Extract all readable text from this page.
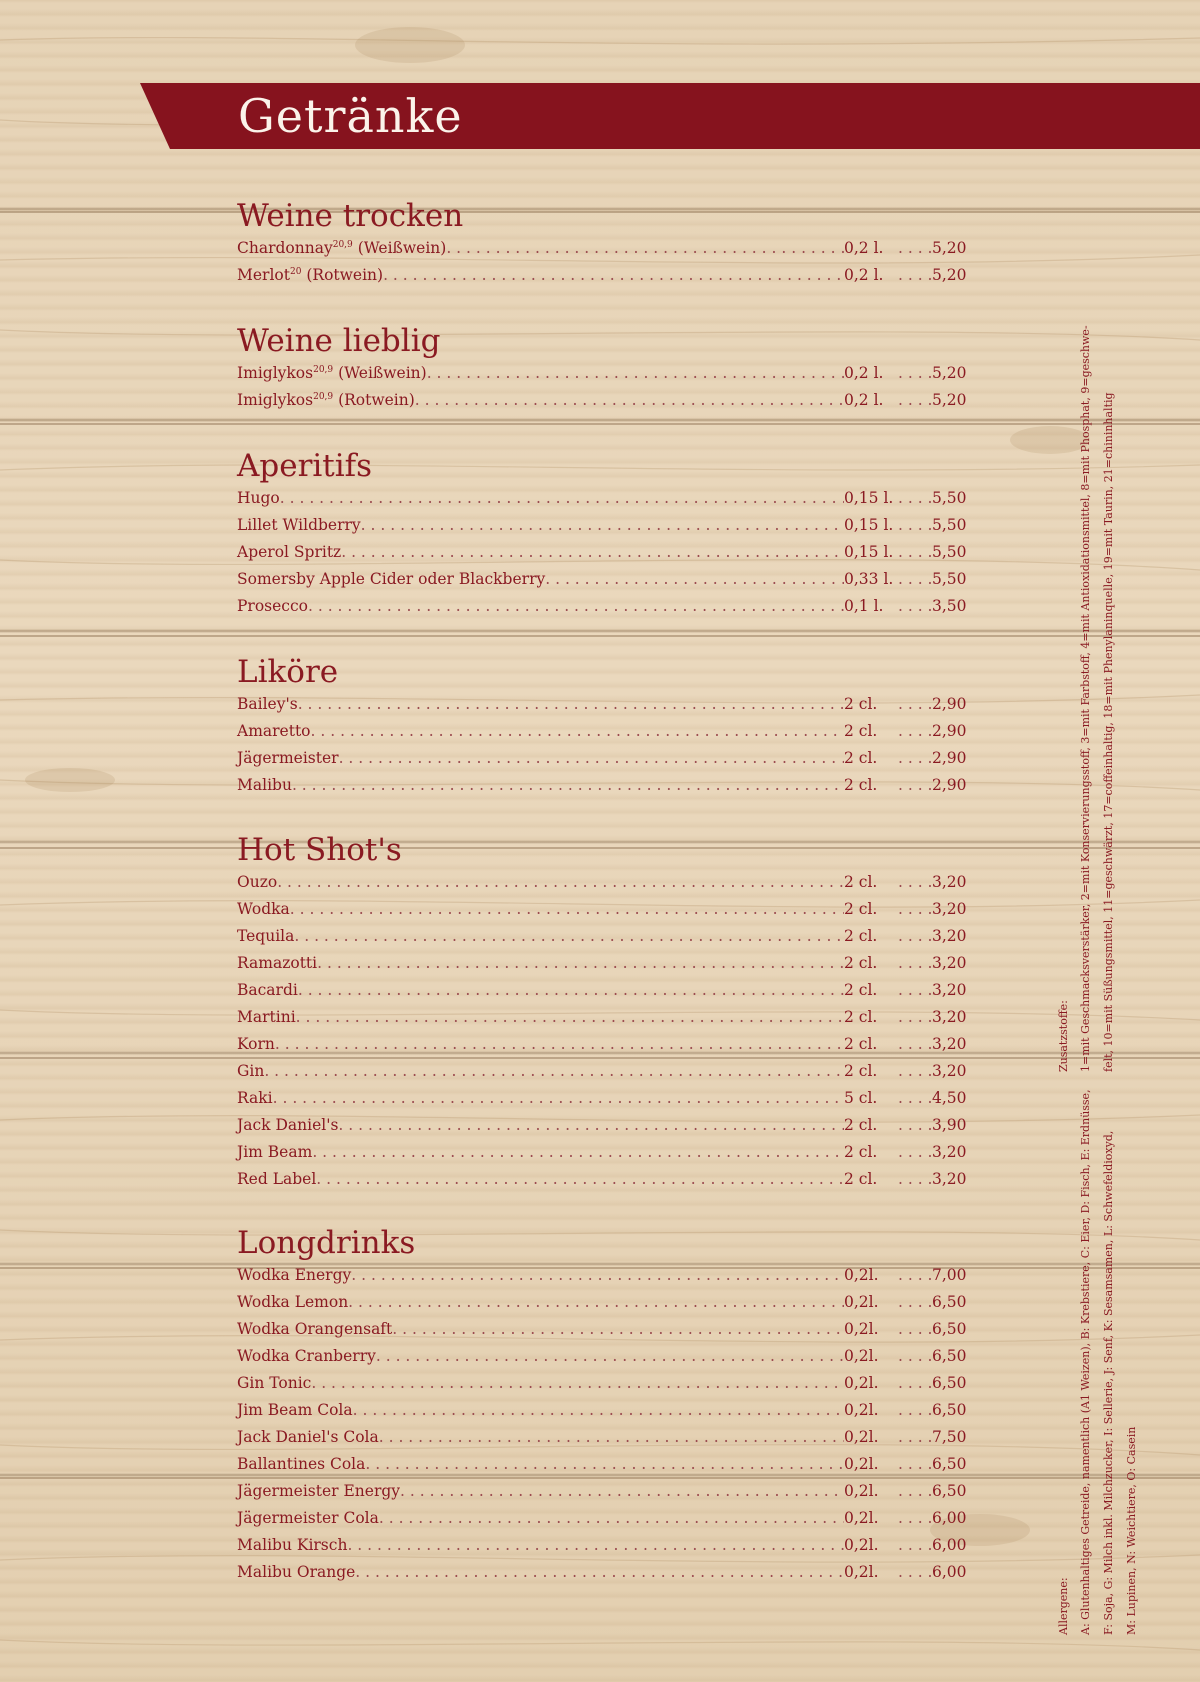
Getränke
Weine trocken
Chardonnay$^{20,9}$ (Weißwein) . . .	0,2 l. . . .	5,20
Merlot$^{20}$ (Rotwein) . . .	0,2 l. . . .	5,20
Weine lieblig
Imiglykos$^{20,9}$ (Weißwein) . . .	0,2 l. . . .	5,20
Imiglykos$^{20,9}$ (Rotwein) . . .	0,2 l. . . .	5,20
Aperitifs
Hugo . . .	0,15 l. . . .	5,50
Lillet Wildberry . . .	0,15 l. . . .	5,50
Aperol Spritz . . .	0,15 l. . . .	5,50
Somersby Apple Cider oder Blackberry . . .	0,33 l. . . .	5,50
Prosecco . . .	0,1 l. . . .	3,50
Liköre
Bailey's . . .	2 cl. . . .	2,90
Amaretto . . .	2 cl. . . .	2,90
Jägermeister . . .	2 cl. . . .	2,90
Malibu . . .	2 cl. . . .	2,90
Hot Shot's
Ouzo . . .	2 cl. . . .	3,20
Wodka . . .	2 cl. . . .	3,20
Tequila . . .	2 cl. . . .	3,20
Ramazotti . . .	2 cl. . . .	3,20
Bacardi . . .	2 cl. . . .	3,20
Martini . . .	2 cl. . . .	3,20
Korn . . .	2 cl. . . .	3,20
Gin . . .	2 cl. . . .	3,20
Raki . . .	5 cl. . . .	4,50
Jack Daniel's . . .	2 cl. . . .	3,90
Jim Beam . . .	2 cl. . . .	3,20
Red Label . . .	2 cl. . . .	3,20
Longdrinks
Wodka Energy . . .	0,2l. . . .	7,00
Wodka Lemon . . .	0,2l. . . .	6,50
Wodka Orangensaft . . .	0,2l. . . .	6,50
Wodka Cranberry . . .	0,2l. . . .	6,50
Gin Tonic . . .	0,2l. . . .	6,50
Jim Beam Cola . . .	0,2l. . . .	6,50
Jack Daniel's Cola . . .	0,2l. . . .	7,50
Ballantines Cola . . .	0,2l. . . .	6,50
Jägermeister Energy . . .	0,2l. . . .	6,50
Jägermeister Cola . . .	0,2l. . . .	6,00
Malibu Kirsch . . .	0,2l. . . .	6,00
Malibu Orange . . .	0,2l. . . .	6,00
Zusatzstoffe: 1=mit Geschmacksverstärker, 2=mit Konservierungsstoff, 3=mit Farbstoff, 4=mit Antioxidationsmittel, 8=mit Phosphat, 9=geschwe- felt, 10=mit Süßungsmittel, 11=geschwärzt, 17=coffeinhaltig, 18=mit Phenylaninquelle, 19=mit Taurin, 21=chininhaltig
Allergene: A: Glutenhaltiges Getreide, namentlich (A1 Weizen), B: Krebstiere, C: Eier, D: Fisch, E: Erdnüsse, F: Soja, G: Milch inkl. Milchzucker, I: Sellerie, J: Senf, K: Sesamsamen, L: Schwefeldioxyd, M: Lupinen, N: Weichtiere, O: Casein
